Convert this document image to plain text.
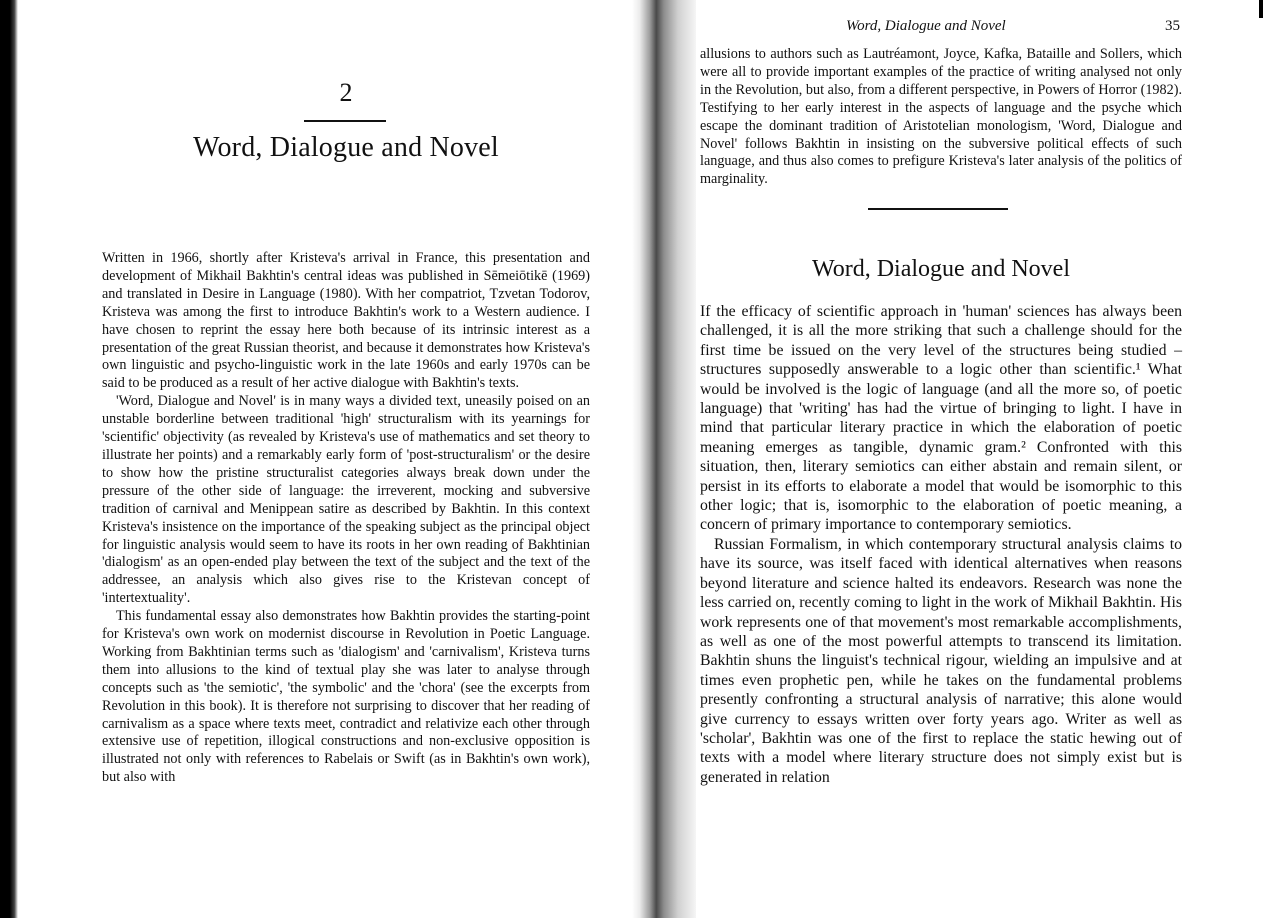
2
Word, Dialogue and Novel

Written in 1966, shortly after Kristeva's arrival in France, this presentation and development of Mikhail Bakhtin's central ideas was published in Sēmeiōtikē (1969) and translated in Desire in Language (1980). With her compatriot, Tzvetan Todorov, Kristeva was among the first to introduce Bakhtin's work to a Western audience. I have chosen to reprint the essay here both because of its intrinsic interest as a presentation of the great Russian theorist, and because it demonstrates how Kristeva's own linguistic and psycho-linguistic work in the late 1960s and early 1970s can be said to be produced as a result of her active dialogue with Bakhtin's texts.

'Word, Dialogue and Novel' is in many ways a divided text, uneasily poised on an unstable borderline between traditional 'high' structuralism with its yearnings for 'scientific' objectivity (as revealed by Kristeva's use of mathematics and set theory to illustrate her points) and a remarkably early form of 'post-structuralism' or the desire to show how the pristine structuralist categories always break down under the pressure of the other side of language: the irreverent, mocking and subversive tradition of carnival and Menippean satire as described by Bakhtin. In this context Kristeva's insistence on the importance of the speaking subject as the principal object for linguistic analysis would seem to have its roots in her own reading of Bakhtinian 'dialogism' as an open-ended play between the text of the subject and the text of the addressee, an analysis which also gives rise to the Kristevan concept of 'intertextuality'.

This fundamental essay also demonstrates how Bakhtin provides the starting-point for Kristeva's own work on modernist discourse in Revolution in Poetic Language. Working from Bakhtinian terms such as 'dialogism' and 'carnivalism', Kristeva turns them into allusions to the kind of textual play she was later to analyse through concepts such as 'the semiotic', 'the symbolic' and the 'chora' (see the excerpts from Revolution in this book). It is therefore not surprising to discover that her reading of carnivalism as a space where texts meet, contradict and relativize each other through extensive use of repetition, illogical constructions and non-exclusive opposition is illustrated not only with references to Rabelais or Swift (as in Bakhtin's own work), but also with

Word, Dialogue and Novel	35

allusions to authors such as Lautréamont, Joyce, Kafka, Bataille and Sollers, which were all to provide important examples of the practice of writing analysed not only in the Revolution, but also, from a different perspective, in Powers of Horror (1982). Testifying to her early interest in the aspects of language and the psyche which escape the dominant tradition of Aristotelian monologism, 'Word, Dialogue and Novel' follows Bakhtin in insisting on the subversive political effects of such language, and thus also comes to prefigure Kristeva's later analysis of the politics of marginality.

Word, Dialogue and Novel

If the efficacy of scientific approach in 'human' sciences has always been challenged, it is all the more striking that such a challenge should for the first time be issued on the very level of the structures being studied – structures supposedly answerable to a logic other than scientific.¹ What would be involved is the logic of language (and all the more so, of poetic language) that 'writing' has had the virtue of bringing to light. I have in mind that particular literary practice in which the elaboration of poetic meaning emerges as tangible, dynamic gram.² Confronted with this situation, then, literary semiotics can either abstain and remain silent, or persist in its efforts to elaborate a model that would be isomorphic to this other logic; that is, isomorphic to the elaboration of poetic meaning, a concern of primary importance to contemporary semiotics.

Russian Formalism, in which contemporary structural analysis claims to have its source, was itself faced with identical alternatives when reasons beyond literature and science halted its endeavors. Research was none the less carried on, recently coming to light in the work of Mikhail Bakhtin. His work represents one of that movement's most remarkable accomplishments, as well as one of the most powerful attempts to transcend its limitation. Bakhtin shuns the linguist's technical rigour, wielding an impulsive and at times even prophetic pen, while he takes on the fundamental problems presently confronting a structural analysis of narrative; this alone would give currency to essays written over forty years ago. Writer as well as 'scholar', Bakhtin was one of the first to replace the static hewing out of texts with a model where literary structure does not simply exist but is generated in relation
